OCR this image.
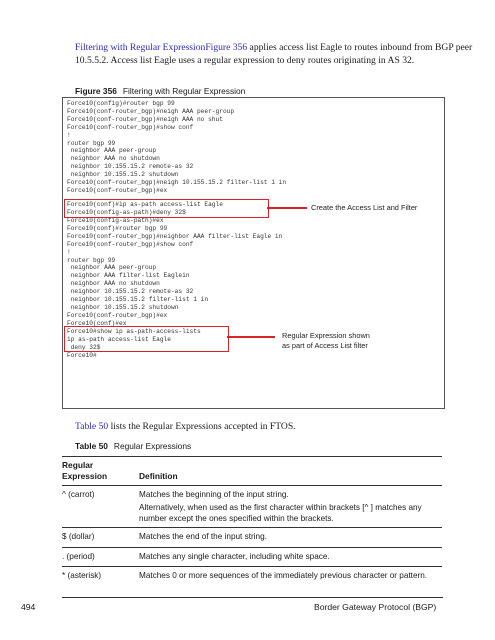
Filtering with Regular ExpressionFigure 356 applies access list Eagle to routes inbound from BGP peer 10.5.5.2. Access list Eagle uses a regular expression to deny routes originating in AS 32.
Figure 356 Filtering with Regular Expression
Force10(config)#router bgp 99
Force10(conf-router_bgp)#neigh AAA peer-group
Force10(conf-router_bgp)#neigh AAA no shut
Force10(conf-router_bgp)#show conf
!
router bgp 99
neighbor AAA peer-group
neighbor AAA no shutdown
neighbor 10.155.15.2 remote-as 32
neighbor 10.155.15.2 shutdown
Force10(conf-router_bgp)#neigh 10.155.15.2 filter-list 1 in
Force10(conf-router_bgp)#ex
Force10(conf)#ip as-path access-list Eagle
Force10(config-as-path)#deny 32$
Force10(config-as-path)#ex
Force10(conf)#router bgp 99
Force10(conf-router_bgp)#neighbor AAA filter-list Eagle in
Force10(conf-router_bgp)#show conf
!
router bgp 99
neighbor AAA peer-group
neighbor AAA filter-list Eaglein
neighbor AAA no shutdown
neighbor 10.155.15.2 remote-as 32
neighbor 10.155.15.2 filter-list 1 in
neighbor 10.155.15.2 shutdown
Force10(conf-router_bgp)#ex
Force10(conf)#ex
Force10#show ip as-path-access-lists
ip as-path access-list Eagle
deny 32$
Force10#
Create the Access List and Filter
Regular Expression shown
as part of Access List filter
Table 50 lists the Regular Expressions accepted in FTOS.
Table 50 Regular Expressions
Regular
Expression	Definition
^ (carrot)	Matches the beginning of the input string.
Alternatively, when used as the first character within brackets [^ ] matches any number except the ones specified within the brackets.
$ (dollar)	Matches the end of the input string.
. (period)	Matches any single character, including white space.
* (asterisk)	Matches 0 or more sequences of the immediately previous character or pattern.
494	Border Gateway Protocol (BGP)
